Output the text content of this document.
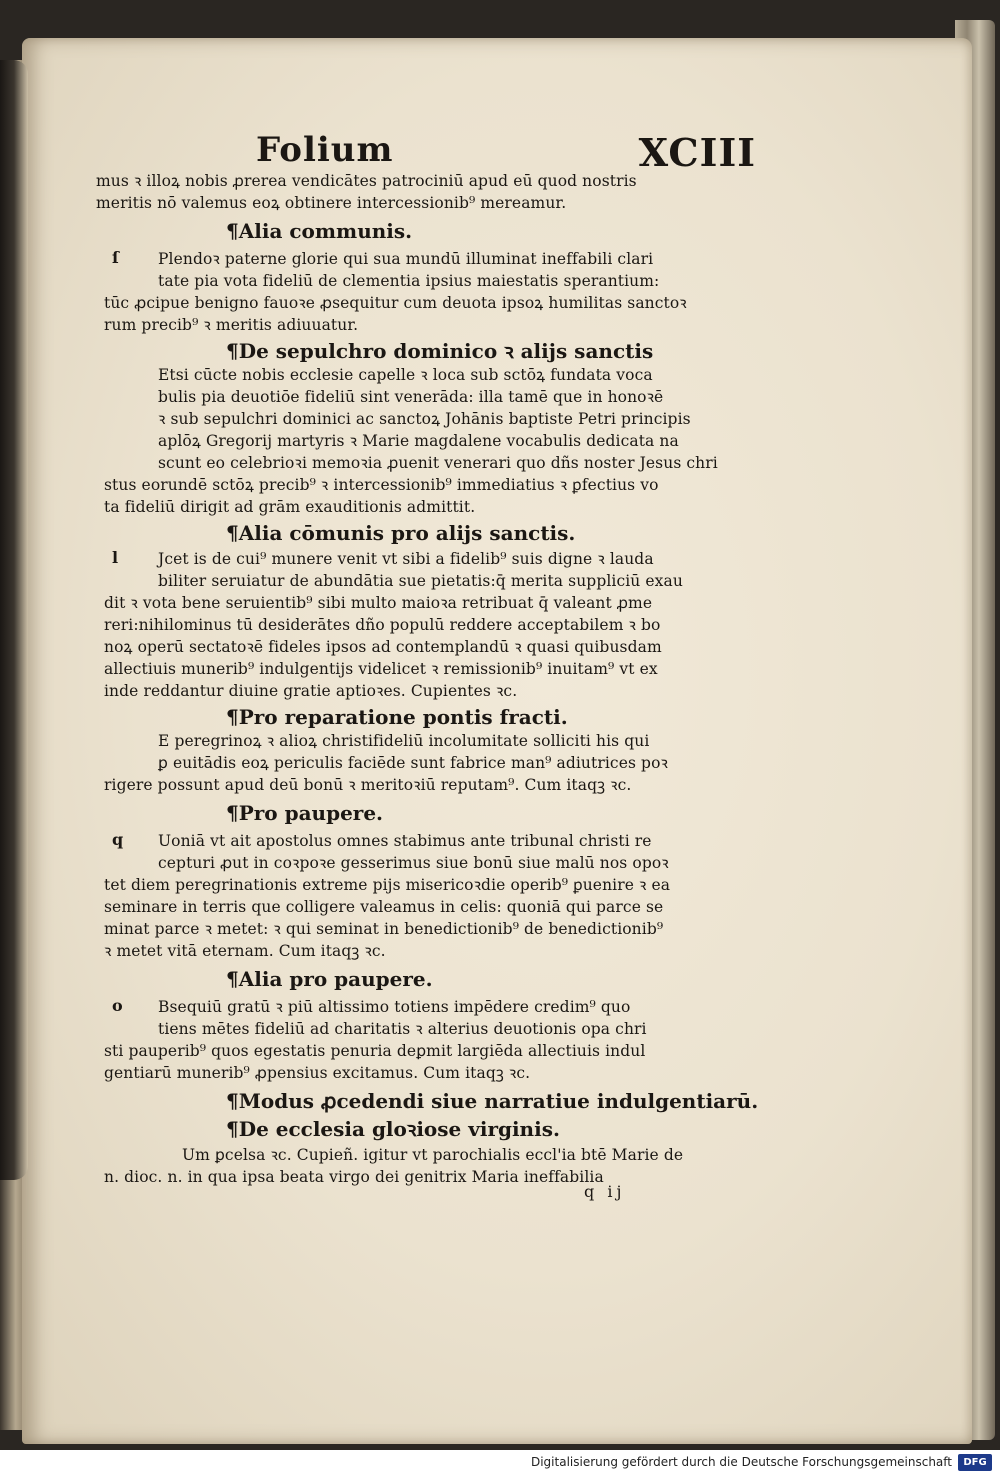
Folium	XCIII
mus ꝛ illoꝝ nobis ꝓrerea vendicātes patrociniū apud eū quod nostris
meritis nō valemus eoꝝ obtinere intercessionib⁹ mereamur.
¶Alia communis.
Plendoꝛ paterne glorie qui sua mundū illuminat ineffabili clari
ſ
tate pia vota fideliū de clementia ipsius maiestatis sperantium:
tūc ꝓcipue benigno fauoꝛe ꝓsequitur cum deuota ipsoꝝ humilitas sanctoꝛ
rum precib⁹ ꝛ meritis adiuuatur.
¶De sepulchro dominico ꝛ alijs sanctis
Etsi cūcte nobis ecclesie capelle ꝛ loca sub sctōꝝ fundata voca
bulis pia deuotiōe fideliū sint venerāda: illa tamē que in honoꝛē
ꝛ sub sepulchri dominici ac sanctoꝝ Johānis baptiste Petri principis
aplōꝝ Gregorij martyris ꝛ Marie magdalene vocabulis dedicata na
scunt eo celebrioꝛi memoꝛia ꝓuenit venerari quo dñs noster Jesus chri
stus eorundē sctōꝝ precib⁹ ꝛ intercessionib⁹ immediatius ꝛ ꝑfectius vo
ta fideliū dirigit ad grām exauditionis admittit.
¶Alia cōmunis pro alijs sanctis.
Jcet is de cui⁹ munere venit vt sibi a fidelib⁹ suis digne ꝛ lauda
l
biliter seruiatur de abundātia sue pietatis:q̄ merita suppliciū exau
dit ꝛ vota bene seruientib⁹ sibi multo maioꝛa retribuat q̄ valeant ꝓme
reri:nihilominus tū desiderātes dño populū reddere acceptabilem ꝛ bo
noꝝ operū sectatoꝛē fideles ipsos ad contemplandū ꝛ quasi quibusdam
allectiuis munerib⁹ indulgentijs videlicet ꝛ remissionib⁹ inuitam⁹ vt ex
inde reddantur diuine gratie aptioꝛes. Cupientes ꝛc.
¶Pro reparatione pontis fracti.
E peregrinoꝝ ꝛ alioꝝ christifideliū incolumitate solliciti his qui
ꝑ euitādis eoꝝ periculis faciēde sunt fabrice man⁹ adiutrices poꝛ
rigere possunt apud deū bonū ꝛ meritoꝛiū reputam⁹. Cum itaqꝫ ꝛc.
¶Pro paupere.
Uoniā vt ait apostolus omnes stabimus ante tribunal christi re
q
cepturi ꝓut in coꝛpoꝛe gesserimus siue bonū siue malū nos opoꝛ
tet diem peregrinationis extreme pijs misericoꝛdie operib⁹ ꝑuenire ꝛ ea
seminare in terris que colligere valeamus in celis: quoniā qui parce se
minat parce ꝛ metet: ꝛ qui seminat in benedictionib⁹ de benedictionib⁹
ꝛ metet vitā eternam. Cum itaqꝫ ꝛc.
¶Alia pro paupere.
Bsequiū gratū ꝛ piū altissimo totiens impēdere credim⁹ quo
o
tiens mētes fideliū ad charitatis ꝛ alterius deuotionis opa chri
sti pauperib⁹ quos egestatis penuria deꝑmit largiēda allectiuis indul
gentiarū munerib⁹ ꝓpensius excitamus. Cum itaqꝫ ꝛc.
¶Modus ꝓcedendi siue narratiue indulgentiarū.
¶De ecclesia gloꝛiose virginis.
Um ꝑcelsa ꝛc. Cupieñ. igitur vt parochialis eccl'ia btē Marie de
n. dioc. n. in qua ipsa beata virgo dei genitrix Maria ineffabilia
q ij
Digitalisierung gefördert durch die Deutsche Forschungsgemeinschaft	DFG
